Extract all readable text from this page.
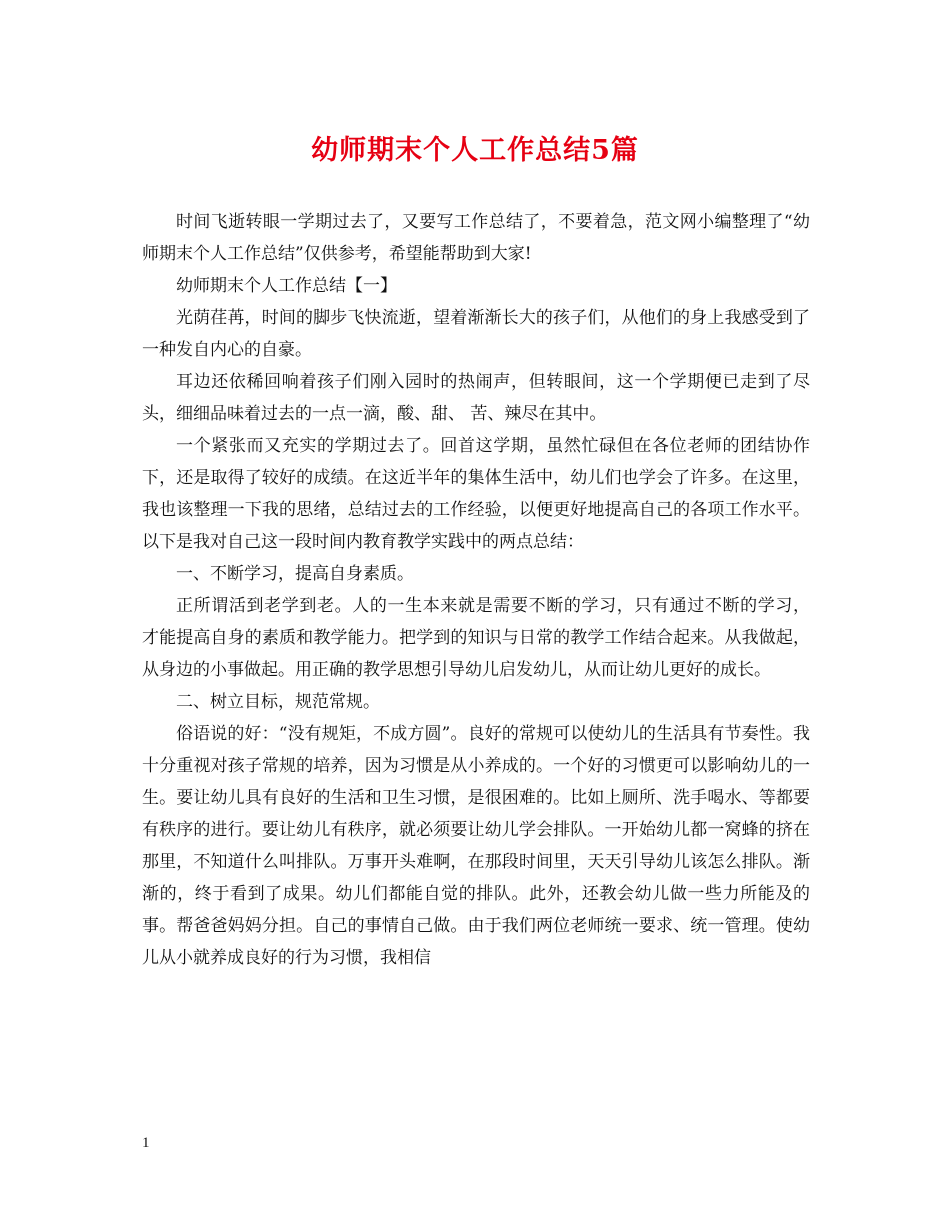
幼师期末个人工作总结5篇

时间飞逝转眼一学期过去了，又要写工作总结了，不要着急，范文网小编整理了“幼师期末个人工作总结”仅供参考，希望能帮助到大家!

幼师期末个人工作总结【一】

光荫荏苒，时间的脚步飞快流逝，望着渐渐长大的孩子们，从他们的身上我感受到了一种发自内心的自豪。

耳边还依稀回响着孩子们刚入园时的热闹声，但转眼间，这一个学期便已走到了尽头，细细品味着过去的一点一滴，酸、甜、 苦、辣尽在其中。

一个紧张而又充实的学期过去了。回首这学期，虽然忙碌但在各位老师的团结协作下，还是取得了较好的成绩。在这近半年的集体生活中，幼儿们也学会了许多。在这里，我也该整理一下我的思绪，总结过去的工作经验，以便更好地提高自己的各项工作水平。以下是我对自己这一段时间内教育教学实践中的两点总结：

一、不断学习，提高自身素质。

正所谓活到老学到老。人的一生本来就是需要不断的学习，只有通过不断的学习， 才能提高自身的素质和教学能力。把学到的知识与日常的教学工作结合起来。从我做起，从身边的小事做起。用正确的教学思想引导幼儿启发幼儿，从而让幼儿更好的成长。

二、树立目标，规范常规。

俗语说的好：“没有规矩，不成方圆”。良好的常规可以使幼儿的生活具有节奏性。我十分重视对孩子常规的培养，因为习惯是从小养成的。一个好的习惯更可以影响幼儿的一生。要让幼儿具有良好的生活和卫生习惯，是很困难的。比如上厕所、洗手喝水、等都要有秩序的进行。要让幼儿有秩序，就必须要让幼儿学会排队。一开始幼儿都一窝蜂的挤在那里，不知道什么叫排队。万事开头难啊，在那段时间里，天天引导幼儿该怎么排队。渐渐的，终于看到了成果。幼儿们都能自觉的排队。此外，还教会幼儿做一些力所能及的事。帮爸爸妈妈分担。自己的事情自己做。由于我们两位老师统一要求、统一管理。使幼儿从小就养成良好的行为习惯，我相信

1
